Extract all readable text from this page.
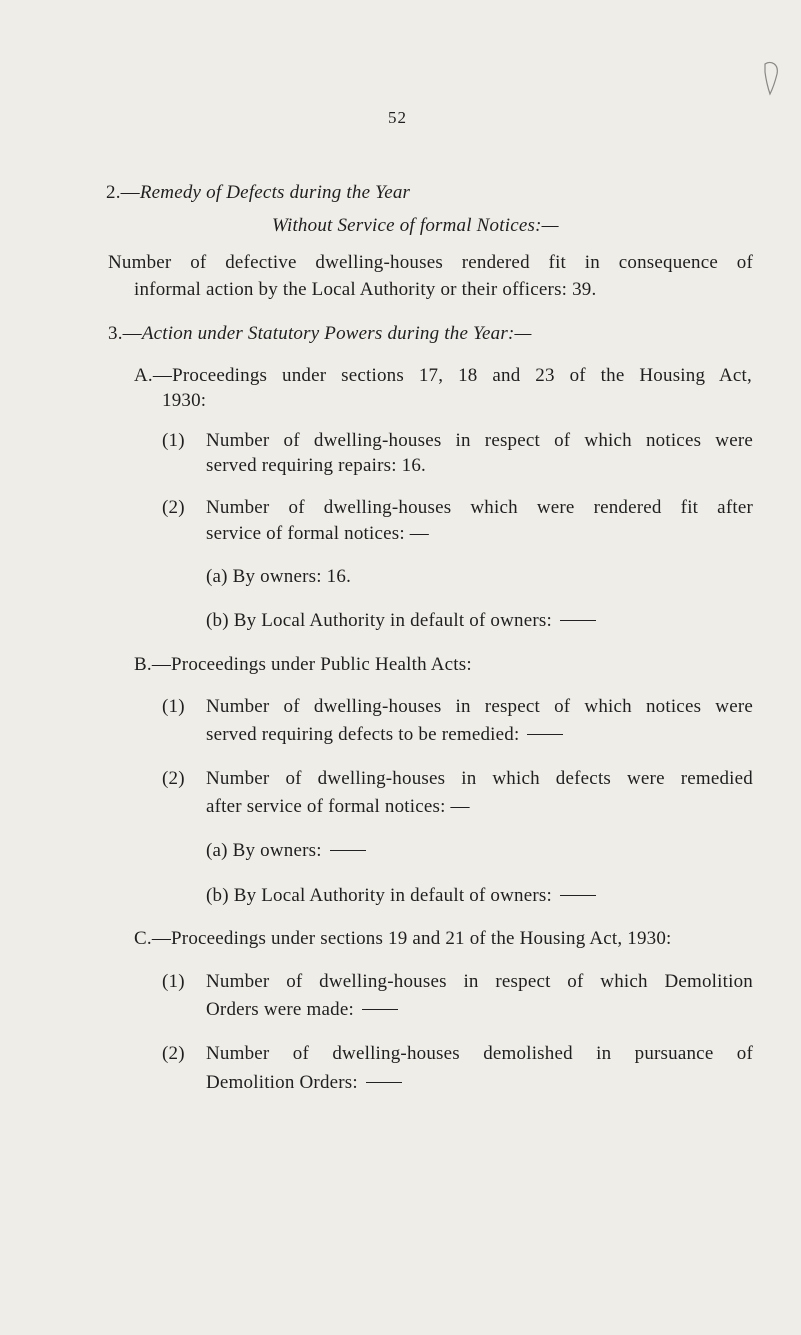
52
2.—Remedy of Defects during the Year
Without Service of formal Notices:—
Number of defective dwelling-houses rendered fit in consequence of
informal action by the Local Authority or their officers: 39.
3.—Action under Statutory Powers during the Year:—
A.—Proceedings under sections 17, 18 and 23 of the Housing Act,
1930:
(1) Number of dwelling-houses in respect of which notices were
served requiring repairs: 16.
(2) Number of dwelling-houses which were rendered fit after
service of formal notices: —
(a) By owners: 16.
(b) By Local Authority in default of owners:
B.—Proceedings under Public Health Acts:
(1) Number of dwelling-houses in respect of which notices were
served requiring defects to be remedied:
(2) Number of dwelling-houses in which defects were remedied
after service of formal notices: —
(a) By owners:
(b) By Local Authority in default of owners:
C.—Proceedings under sections 19 and 21 of the Housing Act, 1930:
(1) Number of dwelling-houses in respect of which Demolition
Orders were made:
(2) Number of dwelling-houses demolished in pursuance of
Demolition Orders:
